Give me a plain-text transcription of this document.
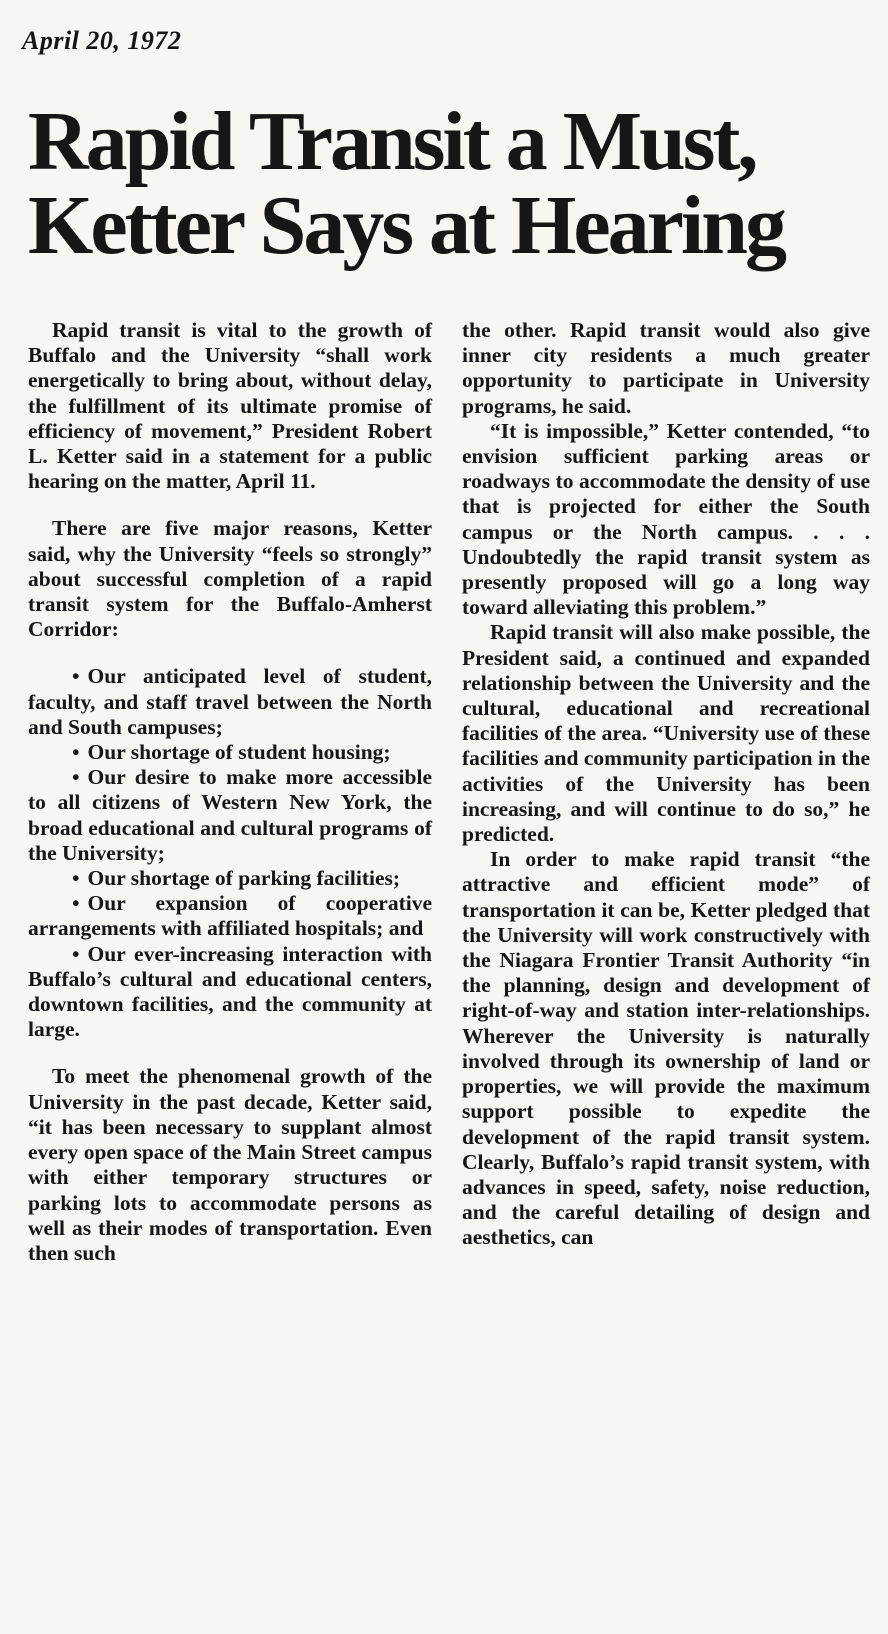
April 20, 1972
Rapid Transit a Must,
Ketter Says at Hearing

Rapid transit is vital to the growth of Buffalo and the University “shall work energetically to bring about, without delay, the fulfillment of its ultimate promise of efficiency of movement,” President Robert L. Ketter said in a statement for a public hearing on the matter, April 11.

There are five major reasons, Ketter said, why the University “feels so strongly” about successful completion of a rapid transit system for the Buffalo-Amherst Corridor:

• Our anticipated level of student, faculty, and staff travel between the North and South campuses;

• Our shortage of student housing;

• Our desire to make more accessible to all citizens of Western New York, the broad educational and cultural programs of the University;

• Our shortage of parking facilities;

• Our expansion of cooperative arrangements with affiliated hospitals; and

• Our ever-increasing interaction with Buffalo’s cultural and educational centers, downtown facilities, and the community at large.

To meet the phenomenal growth of the University in the past decade, Ketter said, “it has been necessary to supplant almost every open space of the Main Street campus with either temporary structures or parking lots to accommodate persons as well as their modes of transportation. Even then such

the other. Rapid transit would also give inner city residents a much greater opportunity to participate in University programs, he said.

“It is impossible,” Ketter contended, “to envision sufficient parking areas or roadways to accommodate the density of use that is projected for either the South campus or the North campus. . . . Undoubtedly the rapid transit system as presently proposed will go a long way toward alleviating this problem.”

Rapid transit will also make possible, the President said, a continued and expanded relationship between the University and the cultural, educational and recreational facilities of the area. “University use of these facilities and community participation in the activities of the University has been increasing, and will continue to do so,” he predicted.

In order to make rapid transit “the attractive and efficient mode” of transportation it can be, Ketter pledged that the University will work constructively with the Niagara Frontier Transit Authority “in the planning, design and development of right-of-way and station inter-relationships. Wherever the University is naturally involved through its ownership of land or properties, we will provide the maximum support possible to expedite the development of the rapid transit system. Clearly, Buffalo’s rapid transit system, with advances in speed, safety, noise reduction, and the careful detailing of design and aesthetics, can
